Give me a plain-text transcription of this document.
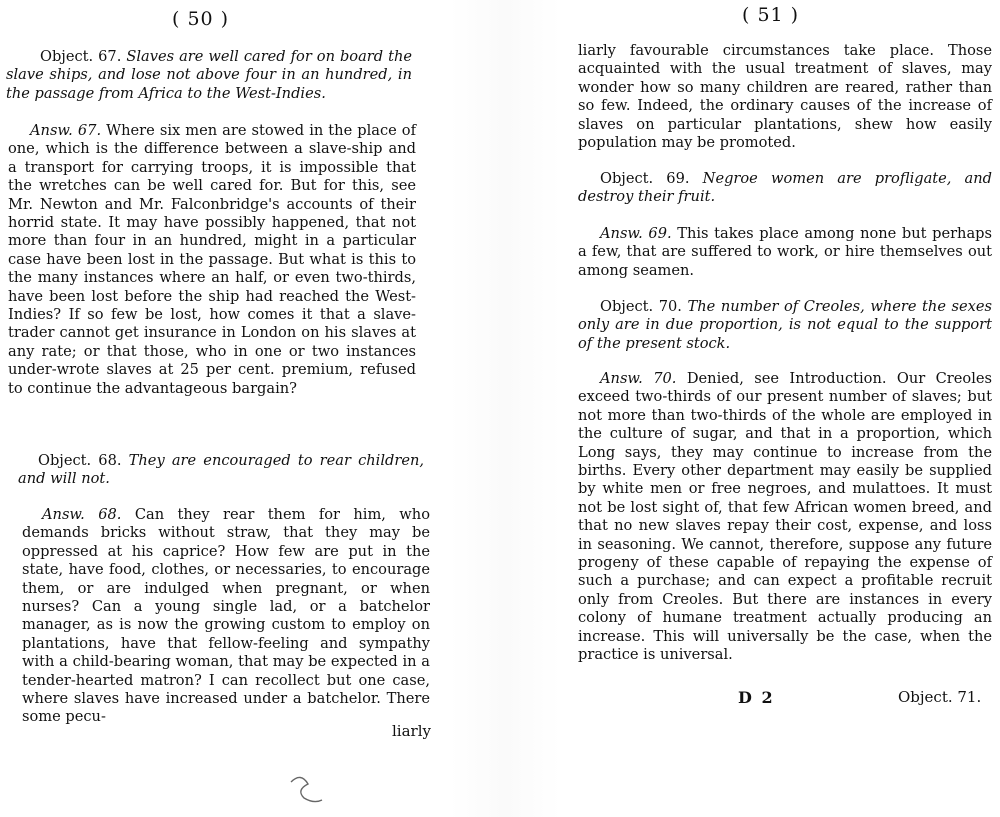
( 50 )

Object. 67. Slaves are well cared for on board the slave ships, and lose not above four in an hundred, in the passage from Africa to the West-Indies.

Answ. 67. Where six men are stowed in the place of one, which is the difference between a slave-ship and a transport for carrying troops, it is impossible that the wretches can be well cared for. But for this, see Mr. Newton and Mr. Falconbridge's accounts of their horrid state. It may have possibly happened, that not more than four in an hundred, might in a particular case have been lost in the passage. But what is this to the many instances where an half, or even two-thirds, have been lost before the ship had reached the West-Indies? If so few be lost, how comes it that a slave-trader cannot get insurance in London on his slaves at any rate; or that those, who in one or two instances under-wrote slaves at 25 per cent. premium, refused to continue the advantageous bargain?

Object. 68. They are encouraged to rear children, and will not.

Answ. 68. Can they rear them for him, who demands bricks without straw, that they may be oppressed at his caprice? How few are put in the state, have food, clothes, or necessaries, to encourage them, or are indulged when pregnant, or when nurses? Can a young single lad, or a batchelor manager, as is now the growing custom to employ on plantations, have that fellow-feeling and sympathy with a child-bearing woman, that may be expected in a tender-hearted matron? I can recollect but one case, where slaves have increased under a batchelor. There some pecu-

liarly
( 51 )

liarly favourable circumstances take place. Those acquainted with the usual treatment of slaves, may wonder how so many children are reared, rather than so few. Indeed, the ordinary causes of the increase of slaves on particular plantations, shew how easily population may be promoted.

Object. 69. Negroe women are profligate, and destroy their fruit.

Answ. 69. This takes place among none but perhaps a few, that are suffered to work, or hire themselves out among seamen.

Object. 70. The number of Creoles, where the sexes only are in due proportion, is not equal to the support of the present stock.

Answ. 70. Denied, see Introduction. Our Creoles exceed two-thirds of our present number of slaves; but not more than two-thirds of the whole are employed in the culture of sugar, and that in a proportion, which Long says, they may continue to increase from the births. Every other department may easily be supplied by white men or free negroes, and mulattoes. It must not be lost sight of, that few African women breed, and that no new slaves repay their cost, expense, and loss in seasoning. We cannot, therefore, suppose any future progeny of these capable of repaying the expense of such a purchase; and can expect a profitable recruit only from Creoles. But there are instances in every colony of humane treatment actually producing an increase. This will universally be the case, when the practice is universal.

D 2	Object. 71.
